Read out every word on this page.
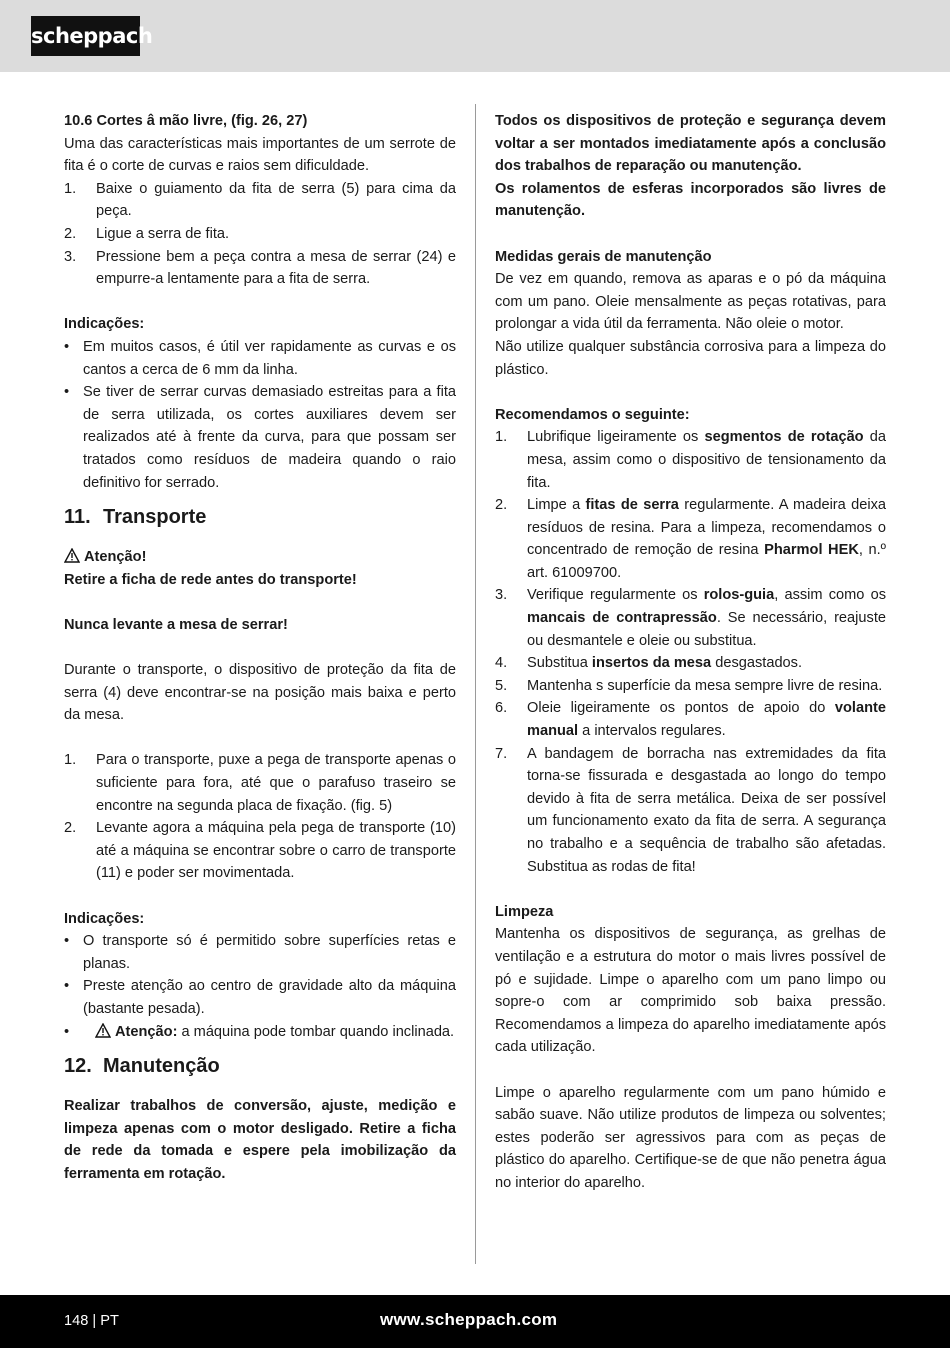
scheppach

10.6 Cortes â mão livre, (fig. 26, 27)

Uma das características mais importantes de um serrote de fita é o corte de curvas e raios sem dificuldade.

1. Baixe o guiamento da fita de serra (5) para cima da peça.
2. Ligue a serra de fita.
3. Pressione bem a peça contra a mesa de serrar (24) e empurre-a lentamente para a fita de serra.

Indicações:

• Em muitos casos, é útil ver rapidamente as curvas e os cantos a cerca de 6 mm da linha.
• Se tiver de serrar curvas demasiado estreitas para a fita de serra utilizada, os cortes auxiliares devem ser realizados até à frente da curva, para que possam ser tratados como resíduos de madeira quando o raio definitivo for serrado.
11. Transporte

Atenção!

Retire a ficha de rede antes do transporte!

Nunca levante a mesa de serrar!

Durante o transporte, o dispositivo de proteção da fita de serra (4) deve encontrar-se na posição mais baixa e perto da mesa.

1. Para o transporte, puxe a pega de transporte apenas o suficiente para fora, até que o parafuso traseiro se encontre na segunda placa de fixação. (fig. 5)
2. Levante agora a máquina pela pega de transporte (10) até a máquina se encontrar sobre o carro de transporte (11) e poder ser movimentada.

Indicações:

• O transporte só é permitido sobre superfícies retas e planas.
• Preste atenção ao centro de gravidade alto da máquina (bastante pesada).
• Atenção: a máquina pode tombar quando inclinada.
12. Manutenção

Realizar trabalhos de conversão, ajuste, medição e limpeza apenas com o motor desligado. Retire a ficha de rede da tomada e espere pela imobilização da ferramenta em rotação.

Todos os dispositivos de proteção e segurança devem voltar a ser montados imediatamente após a conclusão dos trabalhos de reparação ou manutenção.

Os rolamentos de esferas incorporados são livres de manutenção.

Medidas gerais de manutenção

De vez em quando, remova as aparas e o pó da máquina com um pano. Oleie mensalmente as peças rotativas, para prolongar a vida útil da ferramenta. Não oleie o motor.

Não utilize qualquer substância corrosiva para a limpeza do plástico.

Recomendamos o seguinte:

1. Lubrifique ligeiramente os segmentos de rotação da mesa, assim como o dispositivo de tensionamento da fita.
2. Limpe a fitas de serra regularmente. A madeira deixa resíduos de resina. Para a limpeza, recomendamos o concentrado de remoção de resina Pharmol HEK, n.º art. 61009700.
3. Verifique regularmente os rolos-guia, assim como os mancais de contrapressão. Se necessário, reajuste ou desmantele e oleie ou substitua.
4. Substitua insertos da mesa desgastados.
5. Mantenha s superfície da mesa sempre livre de resina.
6. Oleie ligeiramente os pontos de apoio do volante manual a intervalos regulares.
7. A bandagem de borracha nas extremidades da fita torna-se fissurada e desgastada ao longo do tempo devido à fita de serra metálica. Deixa de ser possível um funcionamento exato da fita de serra. A segurança no trabalho e a sequência de trabalho são afetadas. Substitua as rodas de fita!

Limpeza

Mantenha os dispositivos de segurança, as grelhas de ventilação e a estrutura do motor o mais livres possível de pó e sujidade. Limpe o aparelho com um pano limpo ou sopre-o com ar comprimido sob baixa pressão. Recomendamos a limpeza do aparelho imediatamente após cada utilização.

Limpe o aparelho regularmente com um pano húmido e sabão suave. Não utilize produtos de limpeza ou solventes; estes poderão ser agressivos para com as peças de plástico do aparelho. Certifique-se de que não penetra água no interior do aparelho.

148 | PT	www.scheppach.com
